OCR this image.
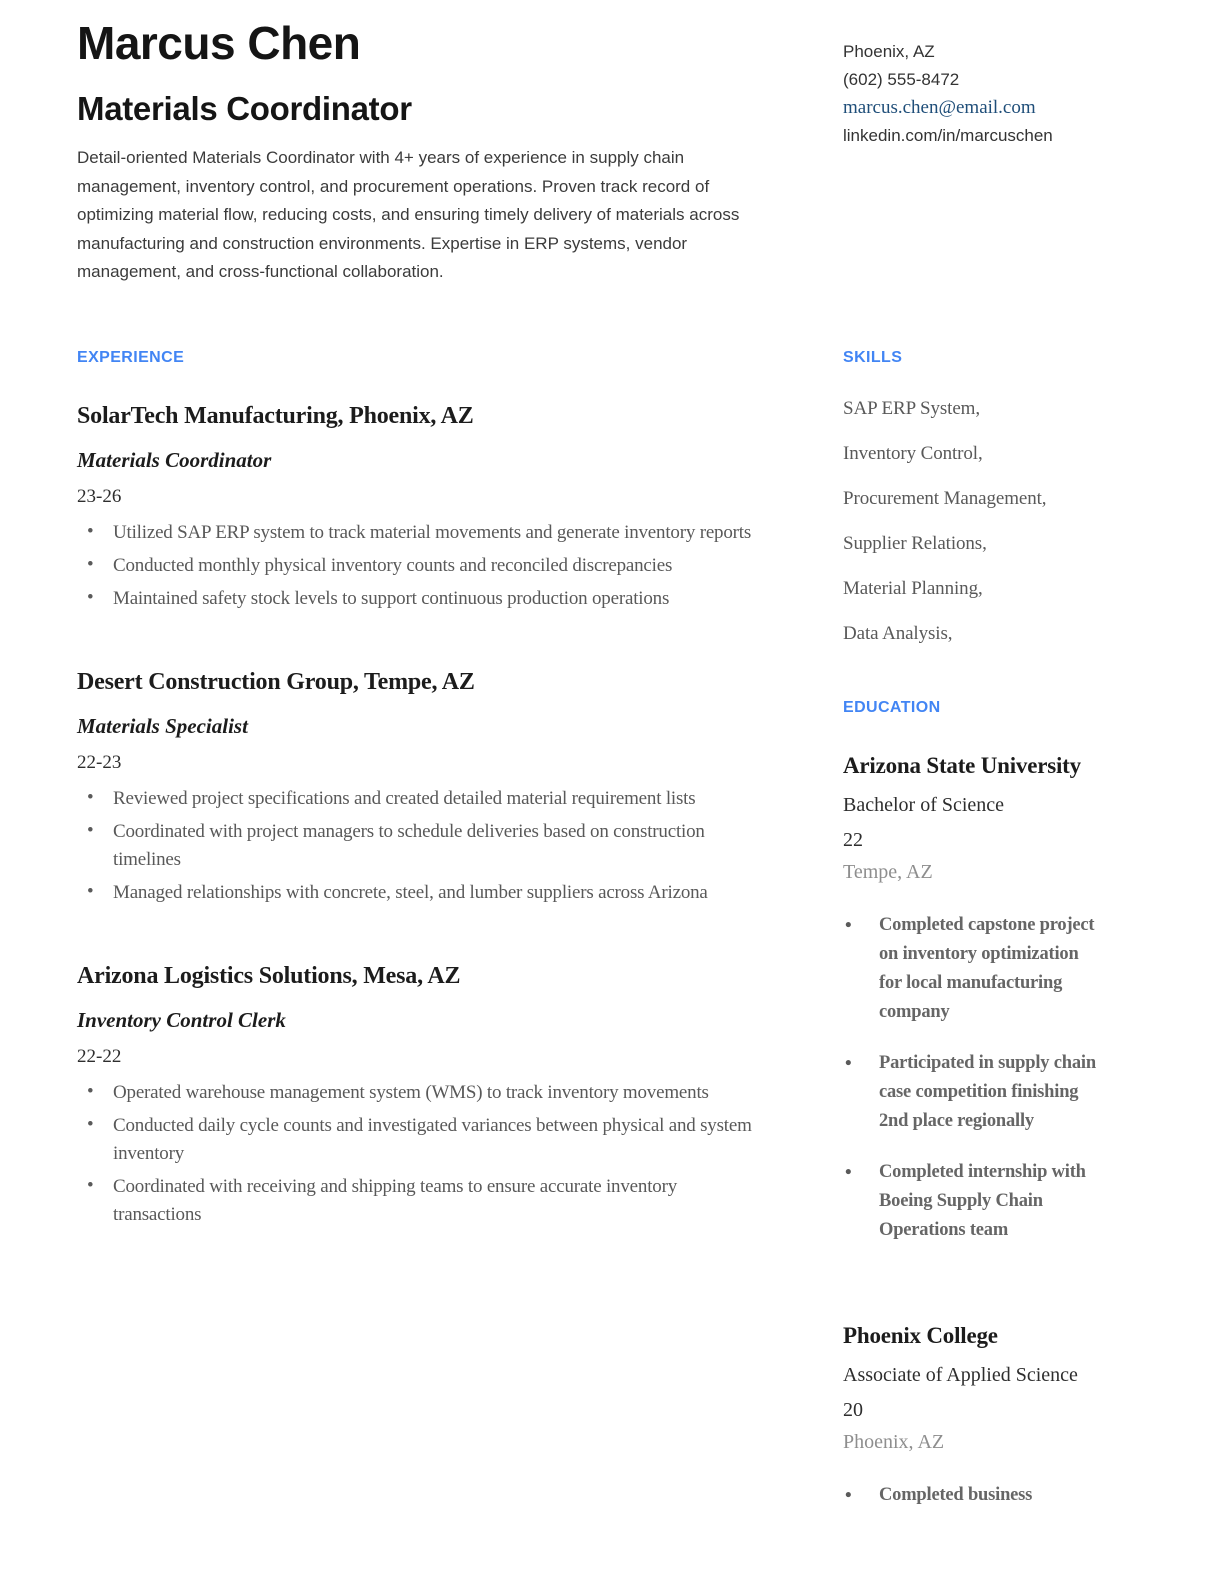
Marcus Chen
Materials Coordinator
Detail-oriented Materials Coordinator with 4+ years of experience in supply chain management, inventory control, and procurement operations. Proven track record of optimizing material flow, reducing costs, and ensuring timely delivery of materials across manufacturing and construction environments. Expertise in ERP systems, vendor management, and cross-functional collaboration.
Phoenix, AZ
(602) 555-8472
marcus.chen@email.com
linkedin.com/in/marcuschen
EXPERIENCE
SolarTech Manufacturing, Phoenix, AZ
Materials Coordinator
23-26
• Utilized SAP ERP system to track material movements and generate inventory reports
• Conducted monthly physical inventory counts and reconciled discrepancies
• Maintained safety stock levels to support continuous production operations
Desert Construction Group, Tempe, AZ
Materials Specialist
22-23
• Reviewed project specifications and created detailed material requirement lists
• Coordinated with project managers to schedule deliveries based on construction timelines
• Managed relationships with concrete, steel, and lumber suppliers across Arizona
Arizona Logistics Solutions, Mesa, AZ
Inventory Control Clerk
22-22
• Operated warehouse management system (WMS) to track inventory movements
• Conducted daily cycle counts and investigated variances between physical and system inventory
• Coordinated with receiving and shipping teams to ensure accurate inventory transactions
SKILLS
SAP ERP System,
Inventory Control,
Procurement Management,
Supplier Relations,
Material Planning,
Data Analysis,
EDUCATION
Arizona State University
Bachelor of Science
22
Tempe, AZ
• Completed capstone project on inventory optimization for local manufacturing company
• Participated in supply chain case competition finishing 2nd place regionally
• Completed internship with Boeing Supply Chain Operations team
Phoenix College
Associate of Applied Science
20
Phoenix, AZ
• Completed business
